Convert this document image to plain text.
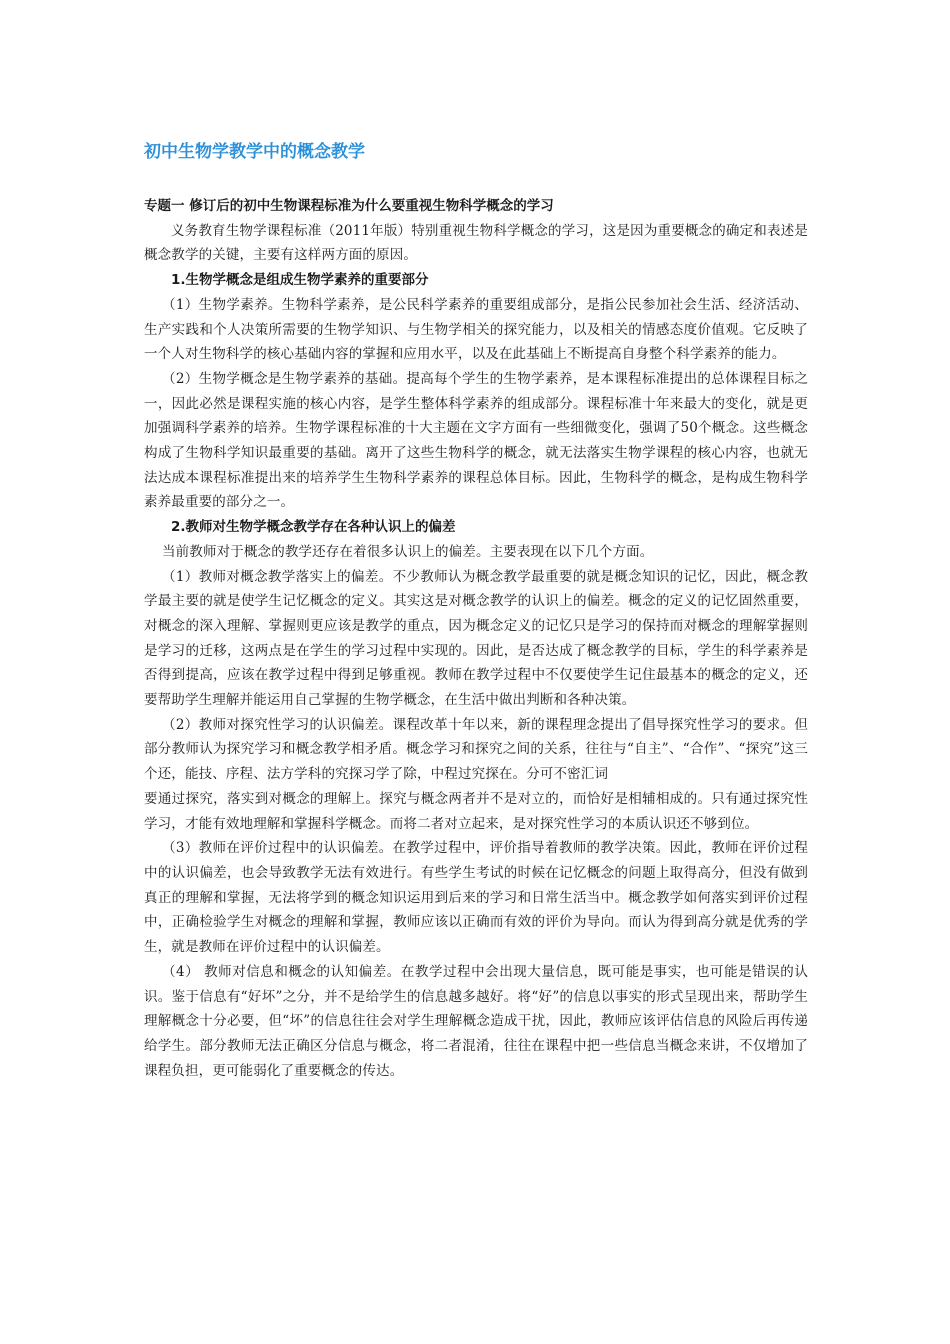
初中生物学教学中的概念教学
专题一 修订后的初中生物课程标准为什么要重视生物科学概念的学习

义务教育生物学课程标准（2011年版）特别重视生物科学概念的学习，这是因为重要概念的确定和表述是概念教学的关键，主要有这样两方面的原因。

1.生物学概念是组成生物学素养的重要部分

（1）生物学素养。生物科学素养，是公民科学素养的重要组成部分，是指公民参加社会生活、经济活动、生产实践和个人决策所需要的生物学知识、与生物学相关的探究能力，以及相关的情感态度价值观。它反映了一个人对生物科学的核心基础内容的掌握和应用水平，以及在此基础上不断提高自身整个科学素养的能力。

（2）生物学概念是生物学素养的基础。提高每个学生的生物学素养，是本课程标准提出的总体课程目标之一，因此必然是课程实施的核心内容，是学生整体科学素养的组成部分。课程标准十年来最大的变化，就是更加强调科学素养的培养。生物学课程标准的十大主题在文字方面有一些细微变化，强调了50个概念。这些概念构成了生物科学知识最重要的基础。离开了这些生物科学的概念，就无法落实生物学课程的核心内容，也就无法达成本课程标准提出来的培养学生生物科学素养的课程总体目标。因此，生物科学的概念，是构成生物科学素养最重要的部分之一。

2.教师对生物学概念教学存在各种认识上的偏差

当前教师对于概念的教学还存在着很多认识上的偏差。主要表现在以下几个方面。

（1）教师对概念教学落实上的偏差。不少教师认为概念教学最重要的就是概念知识的记忆，因此，概念教学最主要的就是使学生记忆概念的定义。其实这是对概念教学的认识上的偏差。概念的定义的记忆固然重要，对概念的深入理解、掌握则更应该是教学的重点，因为概念定义的记忆只是学习的保持而对概念的理解掌握则是学习的迁移，这两点是在学生的学习过程中实现的。因此，是否达成了概念教学的目标，学生的科学素养是否得到提高，应该在教学过程中得到足够重视。教师在教学过程中不仅要使学生记住最基本的概念的定义，还要帮助学生理解并能运用自己掌握的生物学概念，在生活中做出判断和各种决策。

（2）教师对探究性学习的认识偏差。课程改革十年以来，新的课程理念提出了倡导探究性学习的要求。但部分教师认为探究学习和概念教学相矛盾。概念学习和探究之间的关系，往往与“自主”、“合作”、“探究”这三个还，能技、序程、法方学科的究探习学了除，中程过究探在。分可不密汇词

要通过探究，落实到对概念的理解上。探究与概念两者并不是对立的，而恰好是相辅相成的。只有通过探究性学习，才能有效地理解和掌握科学概念。而将二者对立起来，是对探究性学习的本质认识还不够到位。

（3）教师在评价过程中的认识偏差。在教学过程中，评价指导着教师的教学决策。因此，教师在评价过程中的认识偏差，也会导致教学无法有效进行。有些学生考试的时候在记忆概念的问题上取得高分，但没有做到真正的理解和掌握，无法将学到的概念知识运用到后来的学习和日常生活当中。概念教学如何落实到评价过程中，正确检验学生对概念的理解和掌握，教师应该以正确而有效的评价为导向。而认为得到高分就是优秀的学生，就是教师在评价过程中的认识偏差。

（4） 教师对信息和概念的认知偏差。在教学过程中会出现大量信息，既可能是事实，也可能是错误的认识。鉴于信息有“好坏”之分，并不是给学生的信息越多越好。将“好”的信息以事实的形式呈现出来，帮助学生理解概念十分必要，但“坏”的信息往往会对学生理解概念造成干扰，因此，教师应该评估信息的风险后再传递给学生。部分教师无法正确区分信息与概念，将二者混淆，往往在课程中把一些信息当概念来讲，不仅增加了课程负担，更可能弱化了重要概念的传达。
